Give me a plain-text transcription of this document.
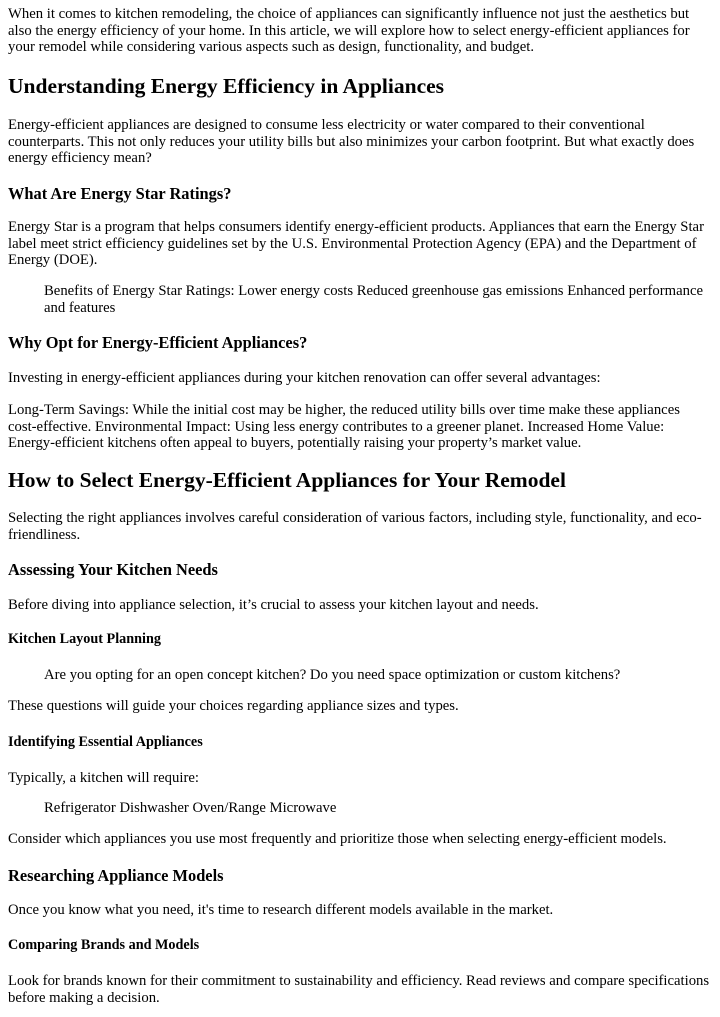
When it comes to kitchen remodeling, the choice of appliances can significantly influence not just the aesthetics but also the energy efficiency of your home. In this article, we will explore how to select energy-efficient appliances for your remodel while considering various aspects such as design, functionality, and budget.

Understanding Energy Efficiency in Appliances

Energy-efficient appliances are designed to consume less electricity or water compared to their conventional counterparts. This not only reduces your utility bills but also minimizes your carbon footprint. But what exactly does energy efficiency mean?

What Are Energy Star Ratings?

Energy Star is a program that helps consumers identify energy-efficient products. Appliances that earn the Energy Star label meet strict efficiency guidelines set by the U.S. Environmental Protection Agency (EPA) and the Department of Energy (DOE).

Benefits of Energy Star Ratings: Lower energy costs Reduced greenhouse gas emissions Enhanced performance and features

Why Opt for Energy-Efficient Appliances?

Investing in energy-efficient appliances during your kitchen renovation can offer several advantages:

Long-Term Savings: While the initial cost may be higher, the reduced utility bills over time make these appliances cost-effective. Environmental Impact: Using less energy contributes to a greener planet. Increased Home Value: Energy-efficient kitchens often appeal to buyers, potentially raising your property’s market value.

How to Select Energy-Efficient Appliances for Your Remodel

Selecting the right appliances involves careful consideration of various factors, including style, functionality, and eco-friendliness.

Assessing Your Kitchen Needs

Before diving into appliance selection, it’s crucial to assess your kitchen layout and needs.

Kitchen Layout Planning

Are you opting for an open concept kitchen? Do you need space optimization or custom kitchens?

These questions will guide your choices regarding appliance sizes and types.

Identifying Essential Appliances

Typically, a kitchen will require:

Refrigerator Dishwasher Oven/Range Microwave

Consider which appliances you use most frequently and prioritize those when selecting energy-efficient models.

Researching Appliance Models

Once you know what you need, it's time to research different models available in the market.

Comparing Brands and Models

Look for brands known for their commitment to sustainability and efficiency. Read reviews and compare specifications before making a decision.
